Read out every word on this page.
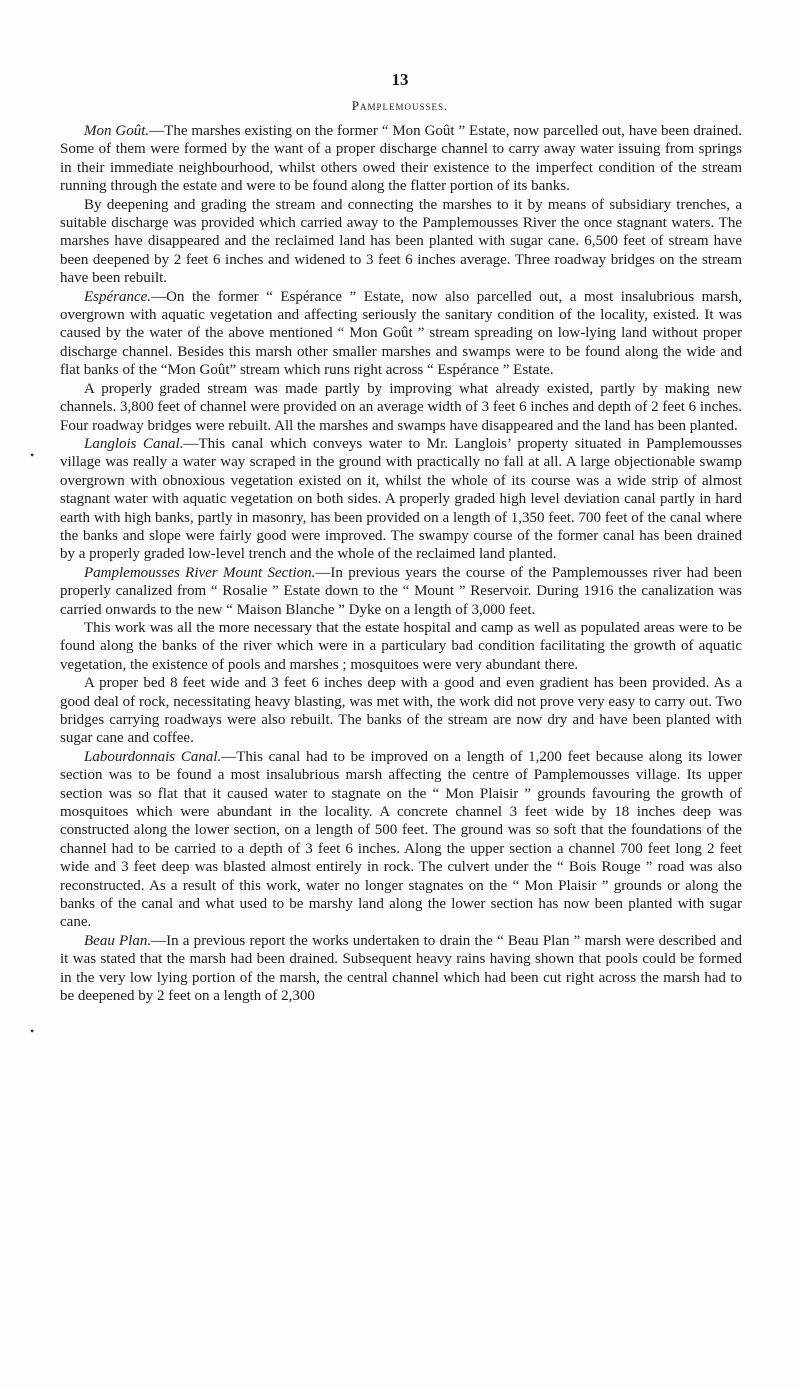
13
Pamplemousses.
•
•

Mon Goût.—The marshes existing on the former “ Mon Goût ” Estate, now parcelled out, have been drained. Some of them were formed by the want of a proper discharge channel to carry away water issuing from springs in their immediate neighbourhood, whilst others owed their existence to the imperfect condition of the stream running through the estate and were to be found along the flatter portion of its banks.

By deepening and grading the stream and connecting the marshes to it by means of subsidiary trenches, a suitable discharge was provided which carried away to the Pamplemousses River the once stagnant waters. The marshes have disappeared and the reclaimed land has been planted with sugar cane. 6,500 feet of stream have been deepened by 2 feet 6 inches and widened to 3 feet 6 inches average. Three roadway bridges on the stream have been rebuilt.

Espérance.—On the former “ Espérance ” Estate, now also parcelled out, a most insalubrious marsh, overgrown with aquatic vegetation and affecting seriously the sanitary condition of the locality, existed. It was caused by the water of the above mentioned “ Mon Goût ” stream spreading on low-lying land without proper discharge channel. Besides this marsh other smaller marshes and swamps were to be found along the wide and flat banks of the “Mon Goût” stream which runs right across “ Espérance ” Estate.

A properly graded stream was made partly by improving what already existed, partly by making new channels. 3,800 feet of channel were provided on an average width of 3 feet 6 inches and depth of 2 feet 6 inches. Four roadway bridges were rebuilt. All the marshes and swamps have disappeared and the land has been planted.

Langlois Canal.—This canal which conveys water to Mr. Langlois’ property situated in Pamplemousses village was really a water way scraped in the ground with practically no fall at all. A large objectionable swamp overgrown with obnoxious vegetation existed on it, whilst the whole of its course was a wide strip of almost stagnant water with aquatic vegetation on both sides. A properly graded high level deviation canal partly in hard earth with high banks, partly in masonry, has been provided on a length of 1,350 feet. 700 feet of the canal where the banks and slope were fairly good were improved. The swampy course of the former canal has been drained by a properly graded low-level trench and the whole of the reclaimed land planted.

Pamplemousses River Mount Section.—In previous years the course of the Pamplemousses river had been properly canalized from “ Rosalie ” Estate down to the “ Mount ” Reservoir. During 1916 the canalization was carried onwards to the new “ Maison Blanche ” Dyke on a length of 3,000 feet.

This work was all the more necessary that the estate hospital and camp as well as populated areas were to be found along the banks of the river which were in a particulary bad condition facilitating the growth of aquatic vegetation, the existence of pools and marshes ; mosquitoes were very abundant there.

A proper bed 8 feet wide and 3 feet 6 inches deep with a good and even gradient has been provided. As a good deal of rock, necessitating heavy blasting, was met with, the work did not prove very easy to carry out. Two bridges carrying roadways were also rebuilt. The banks of the stream are now dry and have been planted with sugar cane and coffee.

Labourdonnais Canal.—This canal had to be improved on a length of 1,200 feet because along its lower section was to be found a most insalubrious marsh affecting the centre of Pamplemousses village. Its upper section was so flat that it caused water to stagnate on the “ Mon Plaisir ” grounds favouring the growth of mosquitoes which were abundant in the locality. A concrete channel 3 feet wide by 18 inches deep was constructed along the lower section, on a length of 500 feet. The ground was so soft that the foundations of the channel had to be carried to a depth of 3 feet 6 inches. Along the upper section a channel 700 feet long 2 feet wide and 3 feet deep was blasted almost entirely in rock. The culvert under the “ Bois Rouge ” road was also reconstructed. As a result of this work, water no longer stagnates on the “ Mon Plaisir ” grounds or along the banks of the canal and what used to be marshy land along the lower section has now been planted with sugar cane.

Beau Plan.—In a previous report the works undertaken to drain the “ Beau Plan ” marsh were described and it was stated that the marsh had been drained. Subsequent heavy rains having shown that pools could be formed in the very low lying portion of the marsh, the central channel which had been cut right across the marsh had to be deepened by 2 feet on a length of 2,300
